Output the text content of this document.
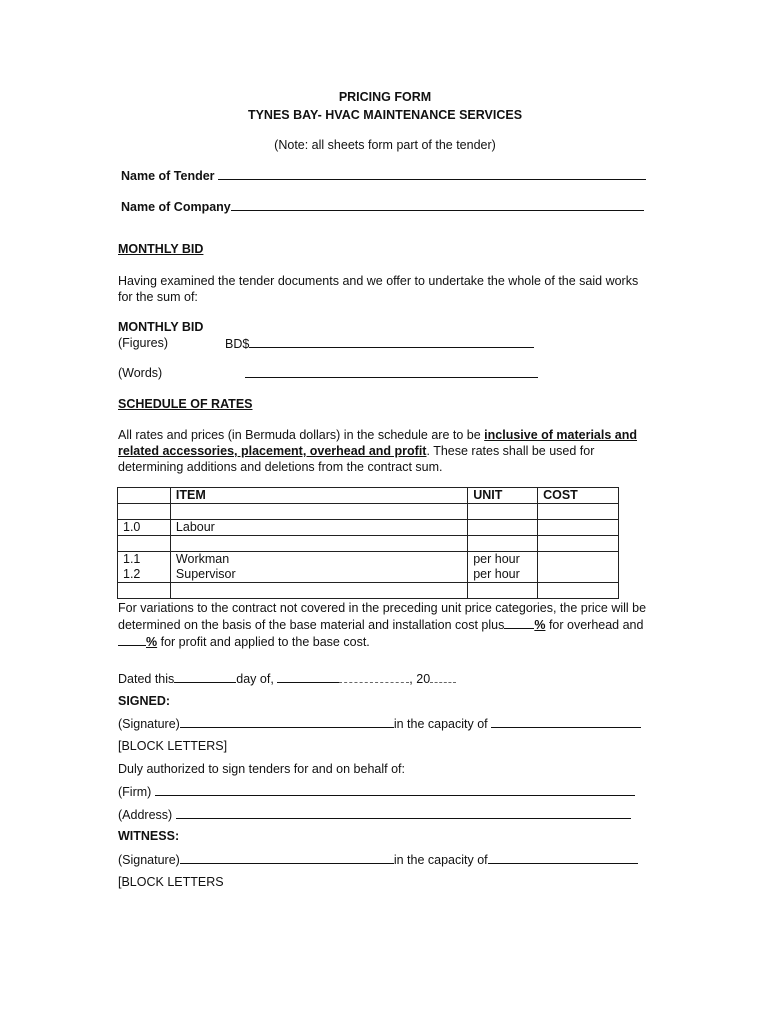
PRICING FORM
TYNES BAY- HVAC MAINTENANCE SERVICES
(Note: all sheets form part of the tender)
Name of Tender
Name of Company
MONTHLY BID
Having examined the tender documents and we offer to undertake the whole of the said works for the sum of:
MONTHLY BID
(Figures)	BD$
(Words)
SCHEDULE OF RATES
All rates and prices (in Bermuda dollars) in the schedule are to be inclusive of materials and related accessories, placement, overhead and profit. These rates shall be used for determining additions and deletions from the contract sum.
	ITEM	UNIT	COST

1.0	Labour		

1.1	Workman	per hour	
1.2	Supervisor	per hour	

For variations to the contract not covered in the preceding unit price categories, the price will be determined on the basis of the base material and installation cost plus % for overhead and% for profit and applied to the base cost.
Dated this	day of,	, 20
SIGNED:
(Signature)	in the capacity of
[BLOCK LETTERS]
Duly authorized to sign tenders for and on behalf of:
(Firm)
(Address)
WITNESS:
(Signature)	in the capacity of
[BLOCK LETTERS
